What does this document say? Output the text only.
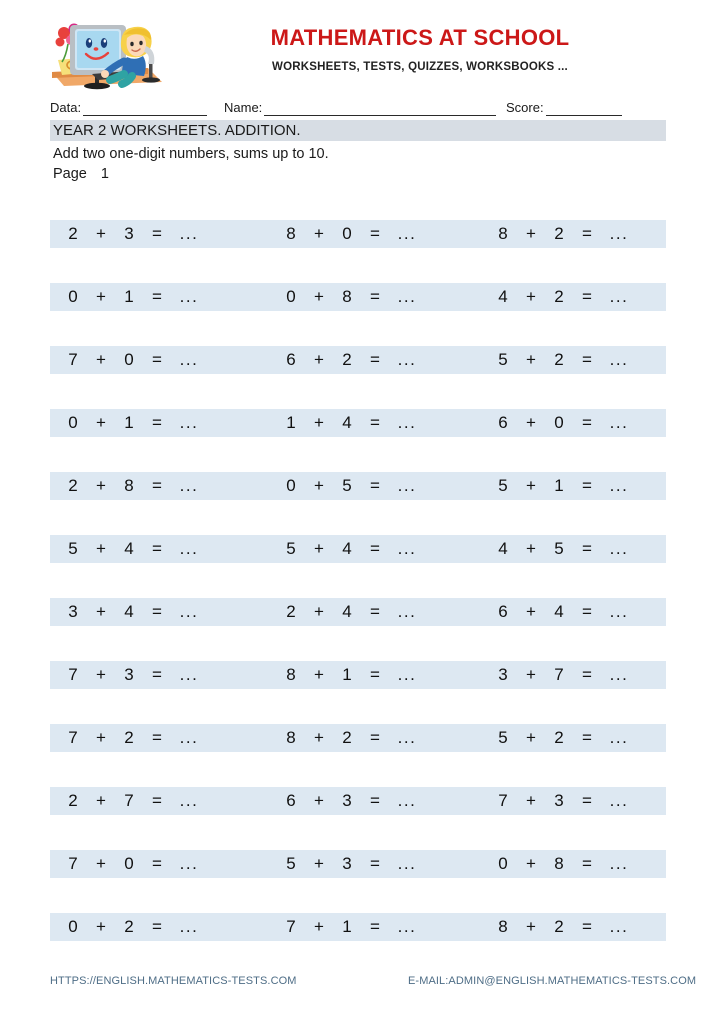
MATHEMATICS AT SCHOOL
WORKSHEETS, TESTS, QUIZZES, WORKSBOOKS ...
Data:	Name:	Score:
YEAR 2 WORKSHEETS. ADDITION.
Add two one-digit numbers, sums up to 10.
Page 1
2	+	3	=	...	8	+	0	=	...	8	+	2	=	...
0	+	1	=	...	0	+	8	=	...	4	+	2	=	...
7	+	0	=	...	6	+	2	=	...	5	+	2	=	...
0	+	1	=	...	1	+	4	=	...	6	+	0	=	...
2	+	8	=	...	0	+	5	=	...	5	+	1	=	...
5	+	4	=	...	5	+	4	=	...	4	+	5	=	...
3	+	4	=	...	2	+	4	=	...	6	+	4	=	...
7	+	3	=	...	8	+	1	=	...	3	+	7	=	...
7	+	2	=	...	8	+	2	=	...	5	+	2	=	...
2	+	7	=	...	6	+	3	=	...	7	+	3	=	...
7	+	0	=	...	5	+	3	=	...	0	+	8	=	...
0	+	2	=	...	7	+	1	=	...	8	+	2	=	...
HTTPS://ENGLISH.MATHEMATICS-TESTS.COM	E-MAIL:ADMIN@ENGLISH.MATHEMATICS-TESTS.COM
